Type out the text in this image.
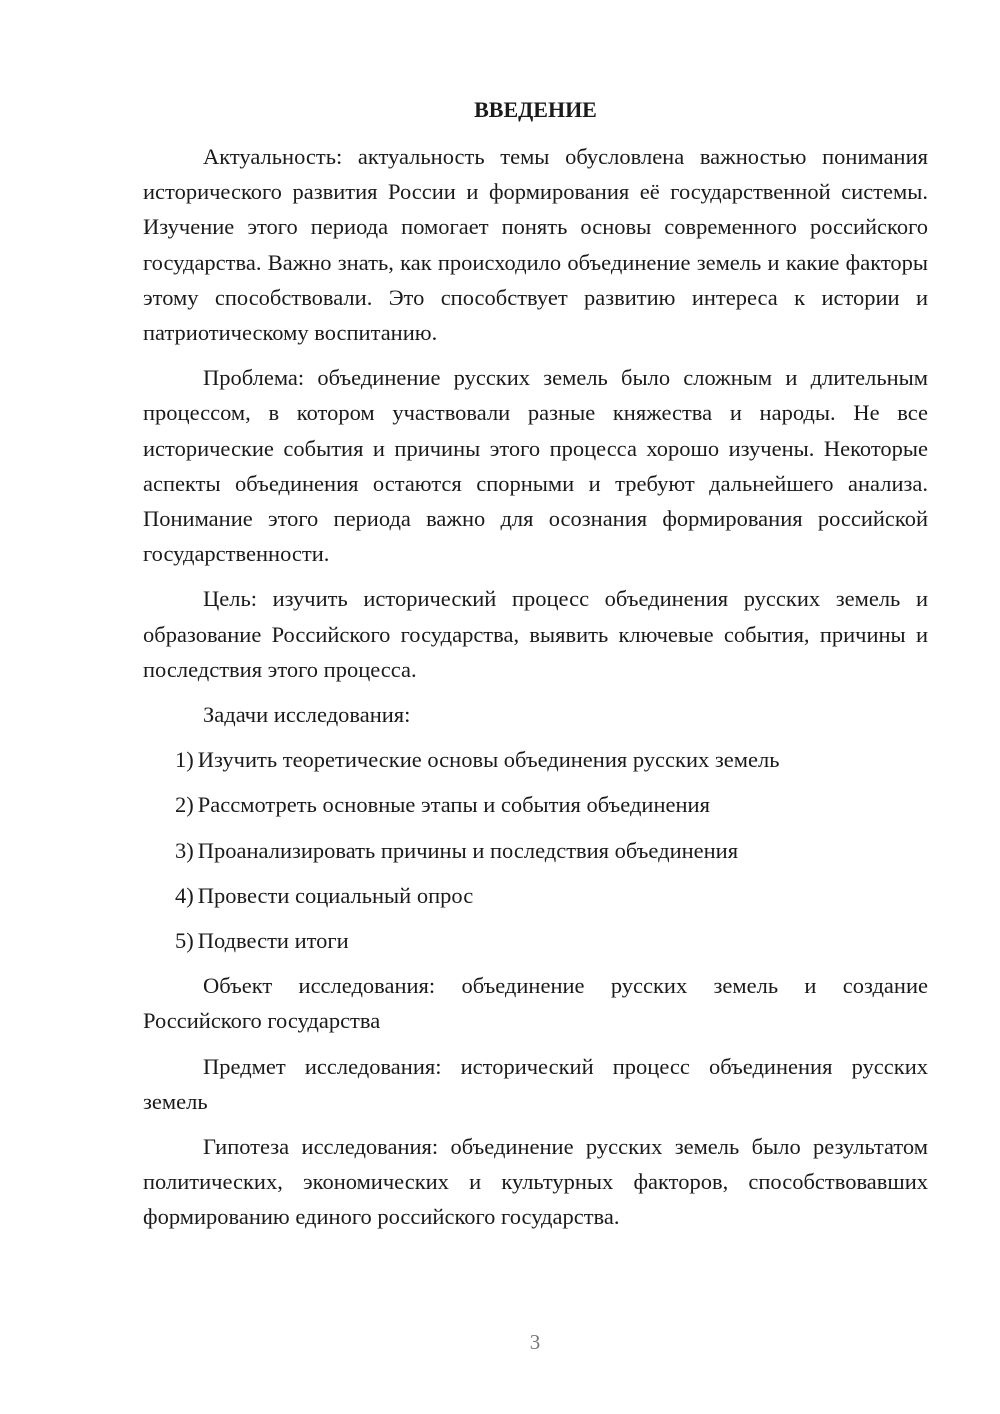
ВВЕДЕНИЕ

Актуальность: актуальность темы обусловлена важностью понимания исторического развития России и формирования её государственной системы. Изучение этого периода помогает понять основы современного российского государства. Важно знать, как происходило объединение земель и какие факторы этому способствовали. Это способствует развитию интереса к истории и патриотическому воспитанию.

Проблема: объединение русских земель было сложным и длительным процессом, в котором участвовали разные княжества и народы. Не все исторические события и причины этого процесса хорошо изучены. Некоторые аспекты объединения остаются спорными и требуют дальнейшего анализа. Понимание этого периода важно для осознания формирования российской государственности.

Цель: изучить исторический процесс объединения русских земель и образование Российского государства, выявить ключевые события, причины и последствия этого процесса.

Задачи исследования:

1) Изучить теоретические основы объединения русских земель
2) Рассмотреть основные этапы и события объединения
3) Проанализировать причины и последствия объединения
4) Провести социальный опрос
5) Подвести итоги

Объект исследования: объединение русских земель и создание Российского государства

Предмет исследования: исторический процесс объединения русских земель

Гипотеза исследования: объединение русских земель было результатом политических, экономических и культурных факторов, способствовавших формированию единого российского государства.

3
